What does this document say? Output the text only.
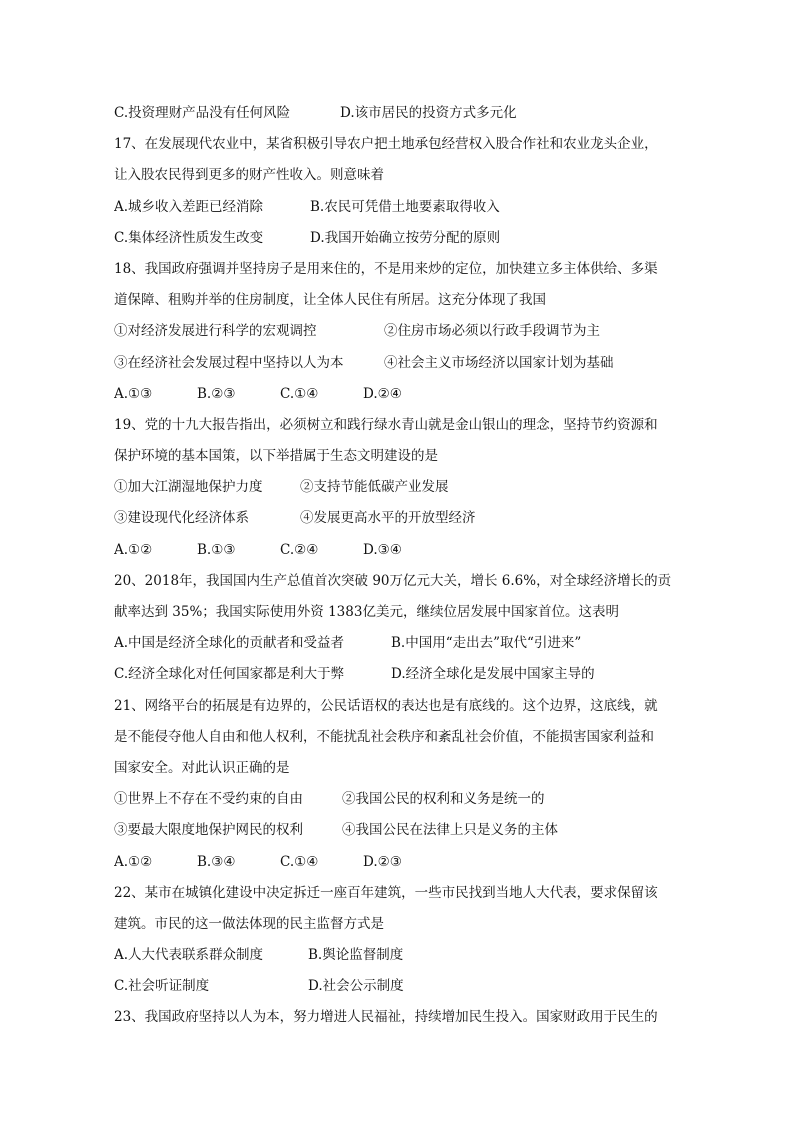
C.投资理财产品没有任何风险	D.该市居民的投资方式多元化
17、在发展现代农业中，某省积极引导农户把土地承包经营权入股合作社和农业龙头企业，
让入股农民得到更多的财产性收入。则意味着
A.城乡收入差距已经消除	B.农民可凭借土地要素取得收入
C.集体经济性质发生改变	D.我国开始确立按劳分配的原则
18、我国政府强调并坚持房子是用来住的，不是用来炒的定位，加快建立多主体供给、多渠
道保障、租购并举的住房制度，让全体人民住有所居。这充分体现了我国
①对经济发展进行科学的宏观调控	②住房市场必须以行政手段调节为主
③在经济社会发展过程中坚持以人为本	④社会主义市场经济以国家计划为基础
A.①③	B.②③	C.①④	D.②④
19、党的十九大报告指出，必须树立和践行绿水青山就是金山银山的理念，坚持节约资源和
保护环境的基本国策，以下举措属于生态文明建设的是
①加大江湖湿地保护力度	②支持节能低碳产业发展
③建设现代化经济体系	④发展更高水平的开放型经济
A.①②	B.①③	C.②④	D.③④
20、2018年，我国国内生产总值首次突破 90万亿元大关，增长 6.6%，对全球经济增长的贡
献率达到 35%；我国实际使用外资 1383亿美元，继续位居发展中国家首位。这表明
A.中国是经济全球化的贡献者和受益者	B.中国用“走出去”取代“引进来”
C.经济全球化对任何国家都是利大于弊	D.经济全球化是发展中国家主导的
21、网络平台的拓展是有边界的，公民话语权的表达也是有底线的。这个边界，这底线，就
是不能侵夺他人自由和他人权利，不能扰乱社会秩序和紊乱社会价值，不能损害国家利益和
国家安全。对此认识正确的是
①世界上不存在不受约束的自由	②我国公民的权利和义务是统一的
③要最大限度地保护网民的权利	④我国公民在法律上只是义务的主体
A.①②	B.③④	C.①④	D.②③
22、某市在城镇化建设中决定拆迁一座百年建筑，一些市民找到当地人大代表，要求保留该
建筑。市民的这一做法体现的民主监督方式是
A.人大代表联系群众制度	B.舆论监督制度
C.社会听证制度	D.社会公示制度
23、我国政府坚持以人为本，努力增进人民福祉，持续增加民生投入。国家财政用于民生的
